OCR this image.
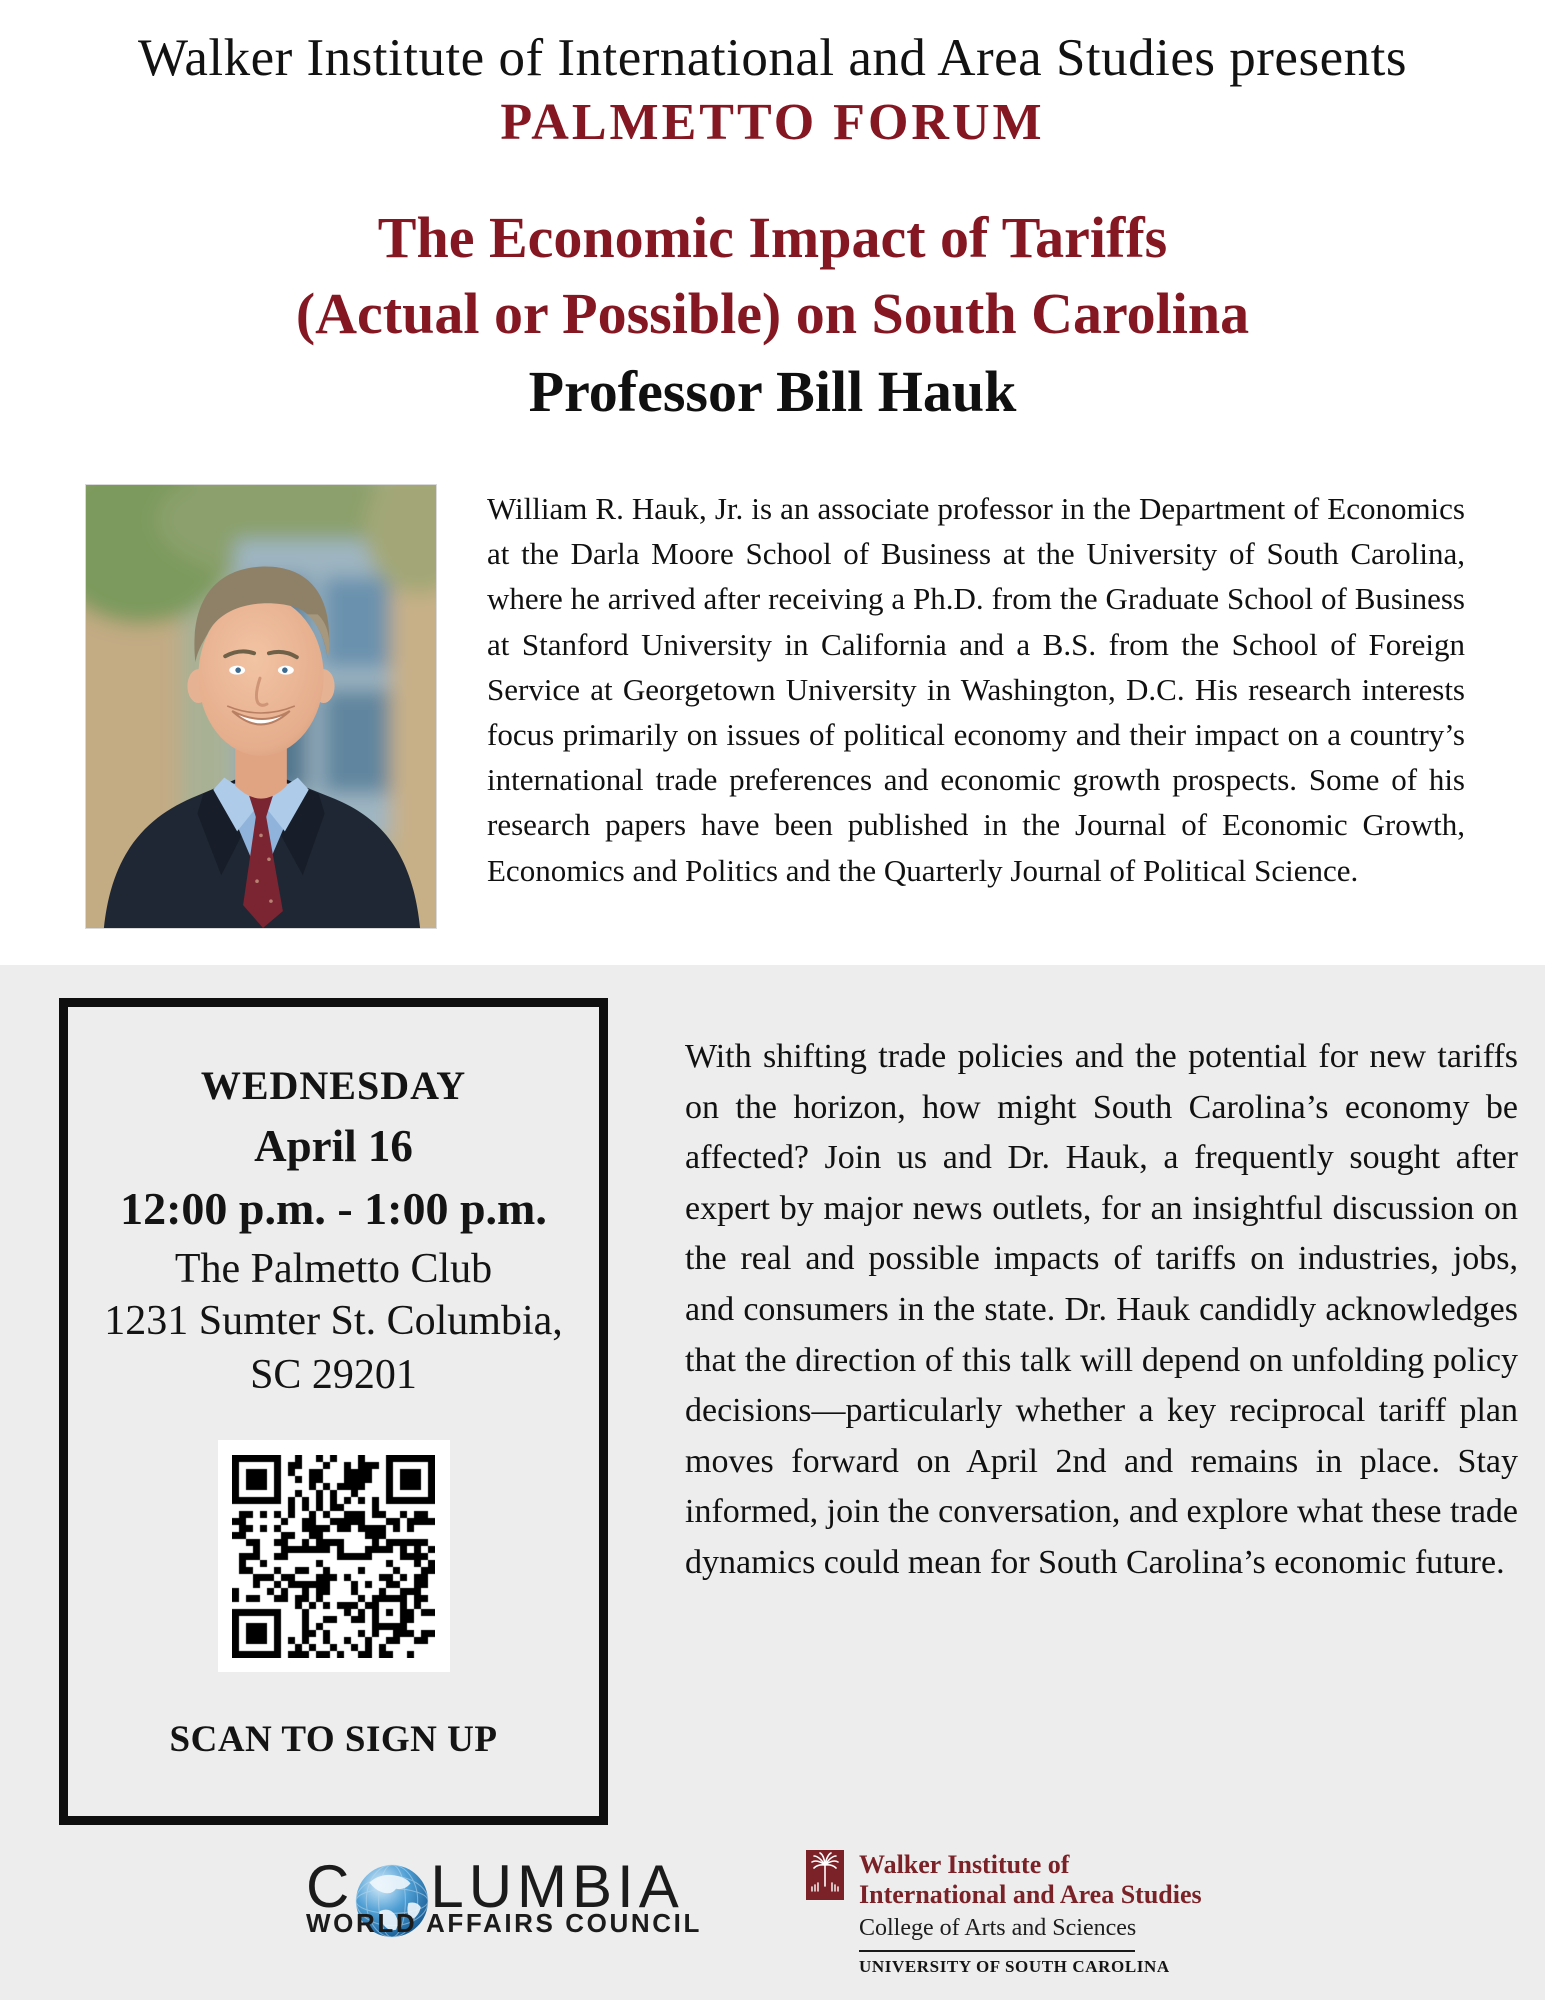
Walker Institute of International and Area Studies presents
PALMETTO FORUM
The Economic Impact of Tariffs
(Actual or Possible) on South Carolina
Professor Bill Hauk
William R. Hauk, Jr. is an associate professor in the Department of Economics at the Darla Moore School of Business at the University of South Carolina, where he arrived after receiving a Ph.D. from the Graduate School of Business at Stanford University in California and a B.S. from the School of Foreign Service at Georgetown University in Washington, D.C. His research interests focus primarily on issues of political economy and their impact on a country’s international trade preferences and economic growth prospects. Some of his research papers have been published in the Journal of Economic Growth, Economics and Politics and the Quarterly Journal of Political Science.
WEDNESDAY
April 16
12:00 p.m. - 1:00 p.m.
The Palmetto Club
1231 Sumter St. Columbia,
SC 29201
SCAN TO SIGN UP
With shifting trade policies and the potential for new tariffs on the horizon, how might South Carolina’s economy be affected? Join us and Dr. Hauk, a frequently sought after expert by major news outlets, for an insightful discussion on the real and possible impacts of tariffs on industries, jobs, and consumers in the state. Dr. Hauk candidly acknowledges that the direction of this talk will depend on unfolding policy decisions—particularly whether a key reciprocal tariff plan moves forward on April 2nd and remains in place. Stay informed, join the conversation, and explore what these trade dynamics could mean for South Carolina’s economic future.
C LUMBIA
WORLD AFFAIRS COUNCIL
Walker Institute of
International and Area Studies
College of Arts and Sciences
UNIVERSITY OF SOUTH CAROLINA
